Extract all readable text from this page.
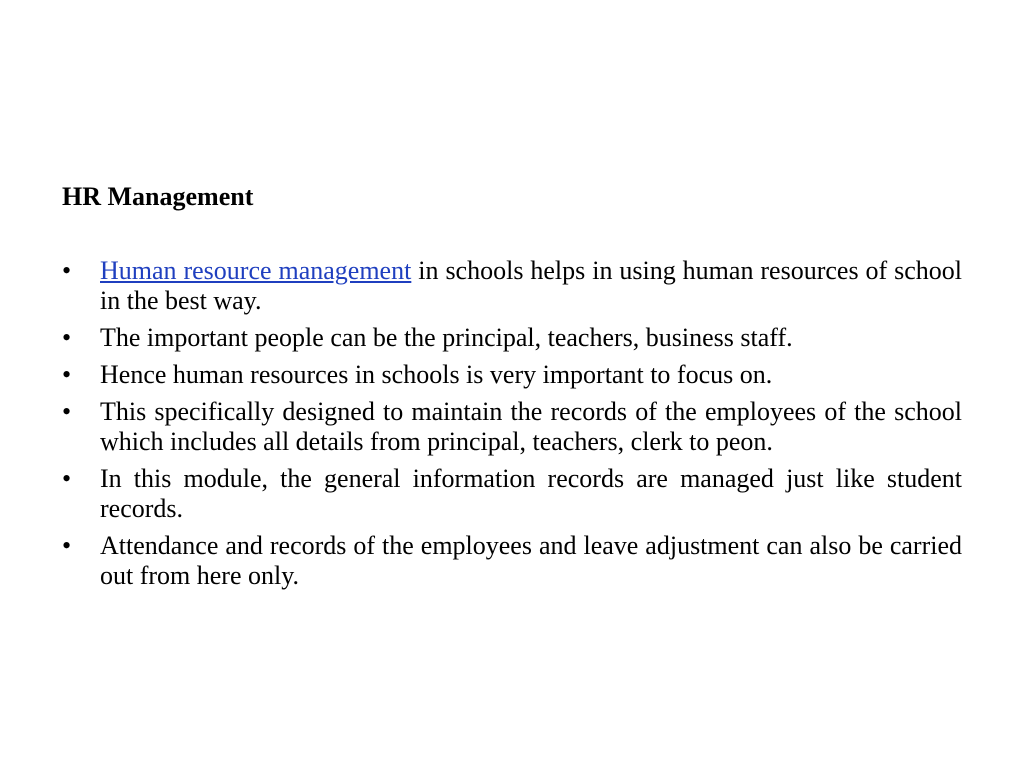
HR Management
•	Human resource management in schools helps in using human resources of school in the best way.
•	The important people can be the principal, teachers, business staff.
•	Hence human resources in schools is very important to focus on.
•	This specifically designed to maintain the records of the employees of the school which includes all details from principal, teachers, clerk to peon.
•	In this module, the general information records are managed just like student records.
•	Attendance and records of the employees and leave adjustment can also be carried out from here only.
